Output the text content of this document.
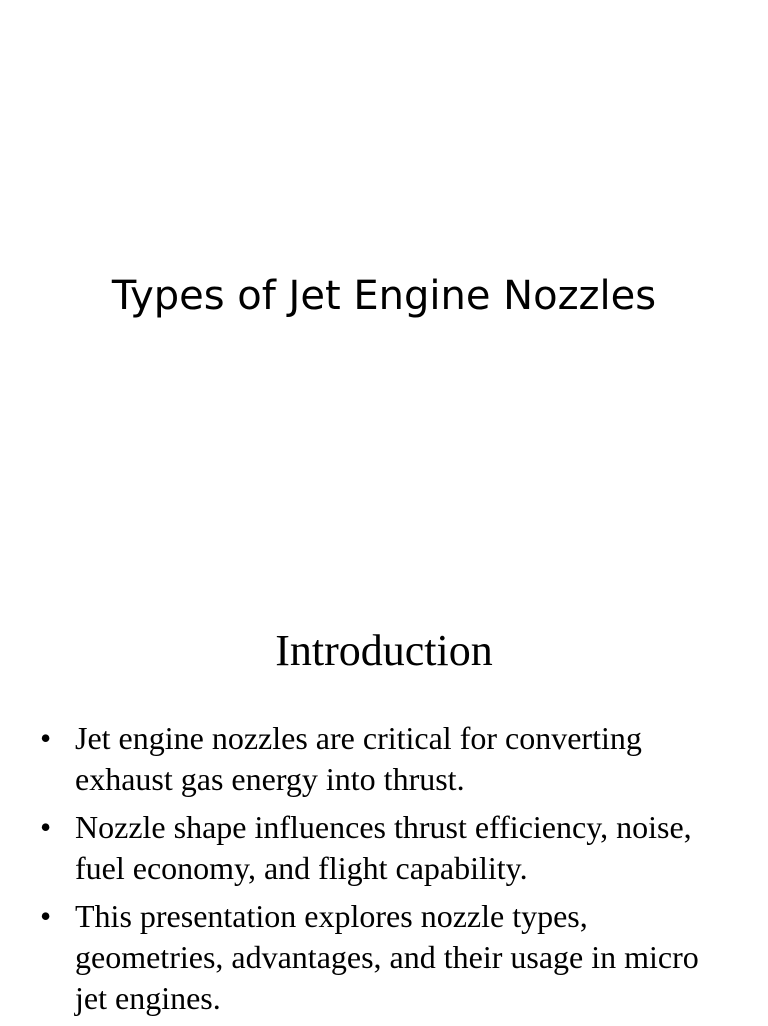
Types of Jet Engine Nozzles
Introduction
• Jet engine nozzles are critical for converting exhaust gas energy into thrust.
• Nozzle shape influences thrust efficiency, noise, fuel economy, and flight capability.
• This presentation explores nozzle types, geometries, advantages, and their usage in micro jet engines.
